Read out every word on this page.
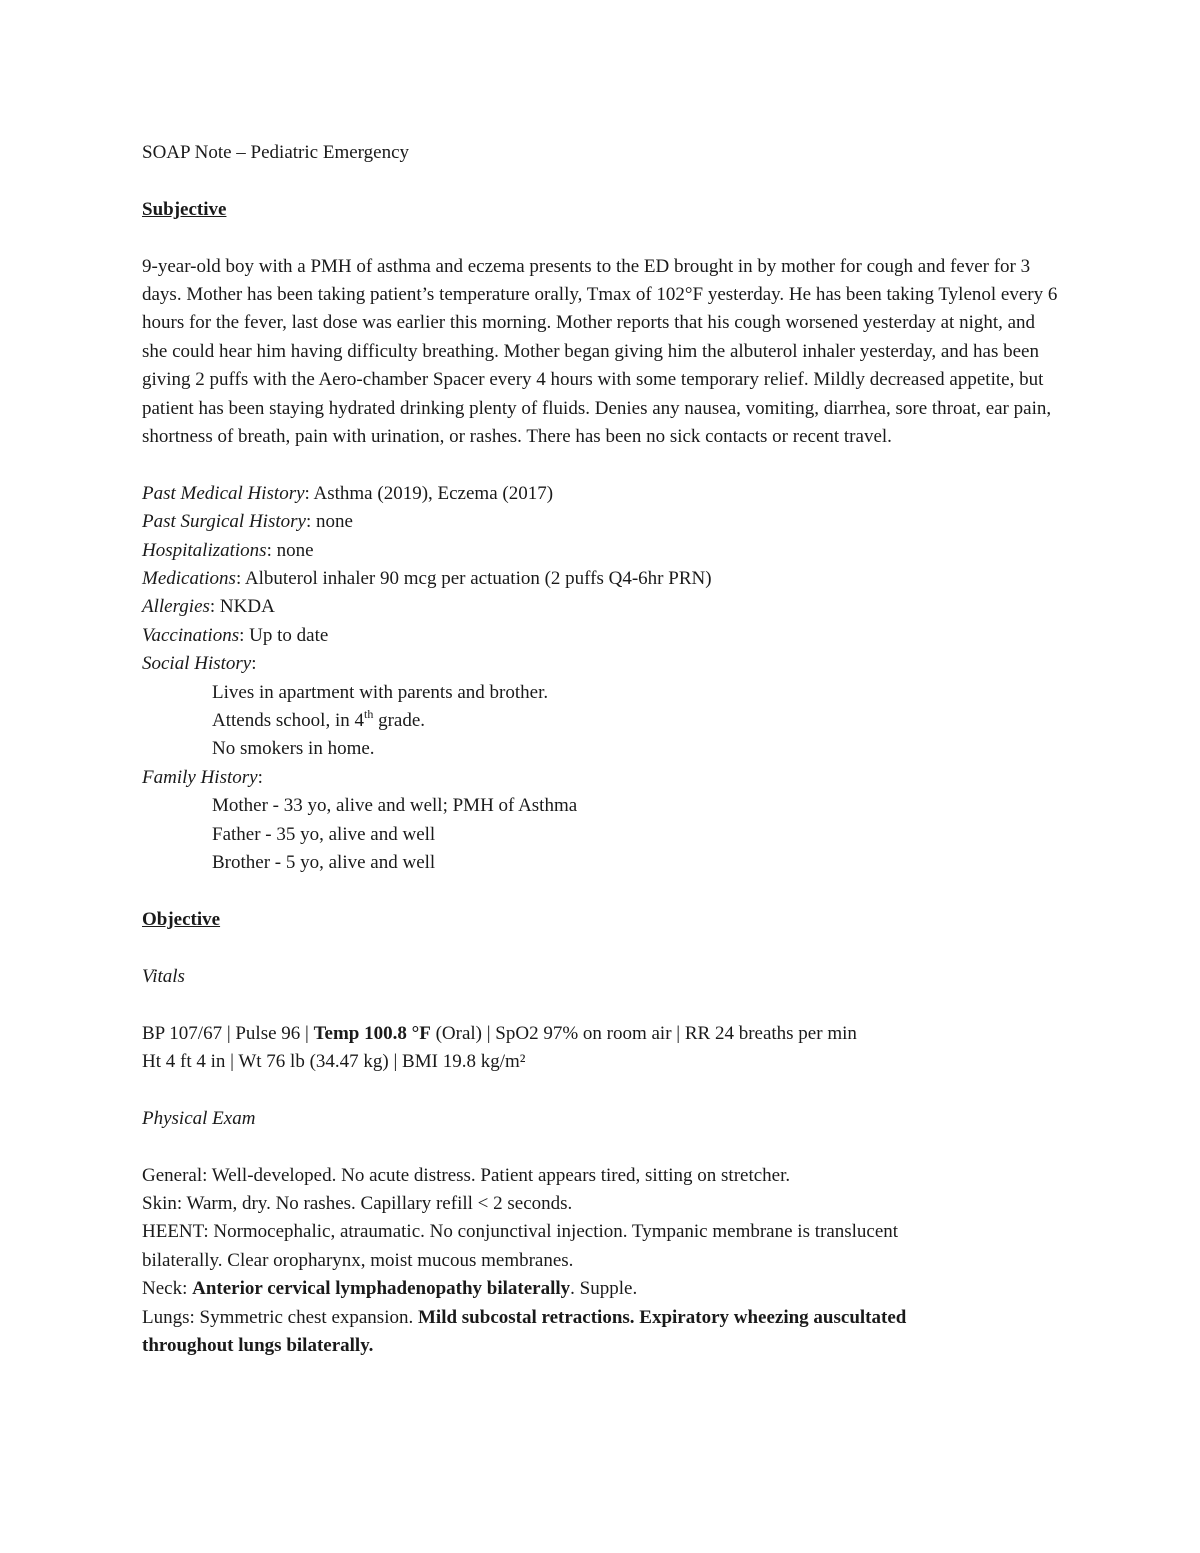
SOAP Note – Pediatric Emergency
Subjective
9-year-old boy with a PMH of asthma and eczema presents to the ED brought in by mother for cough and fever for 3 days. Mother has been taking patient’s temperature orally, Tmax of 102°F yesterday. He has been taking Tylenol every 6 hours for the fever, last dose was earlier this morning. Mother reports that his cough worsened yesterday at night, and she could hear him having difficulty breathing. Mother began giving him the albuterol inhaler yesterday, and has been giving 2 puffs with the Aero-chamber Spacer every 4 hours with some temporary relief. Mildly decreased appetite, but patient has been staying hydrated drinking plenty of fluids. Denies any nausea, vomiting, diarrhea, sore throat, ear pain, shortness of breath, pain with urination, or rashes. There has been no sick contacts or recent travel.
Past Medical History: Asthma (2019), Eczema (2017)
Past Surgical History: none
Hospitalizations: none
Medications: Albuterol inhaler 90 mcg per actuation (2 puffs Q4-6hr PRN)
Allergies: NKDA
Vaccinations: Up to date
Social History:
Lives in apartment with parents and brother.
Attends school, in 4th grade.
No smokers in home.
Family History:
Mother - 33 yo, alive and well; PMH of Asthma
Father - 35 yo, alive and well
Brother - 5 yo, alive and well
Objective
Vitals
BP 107/67 | Pulse 96 | Temp 100.8 °F (Oral) | SpO2 97% on room air | RR 24 breaths per min
Ht 4 ft 4 in | Wt 76 lb (34.47 kg) | BMI 19.8 kg/m²
Physical Exam
General: Well-developed. No acute distress. Patient appears tired, sitting on stretcher.
Skin: Warm, dry. No rashes. Capillary refill < 2 seconds.
HEENT: Normocephalic, atraumatic. No conjunctival injection. Tympanic membrane is translucent
bilaterally. Clear oropharynx, moist mucous membranes.
Neck: Anterior cervical lymphadenopathy bilaterally. Supple.
Lungs: Symmetric chest expansion. Mild subcostal retractions. Expiratory wheezing auscultated
throughout lungs bilaterally.
